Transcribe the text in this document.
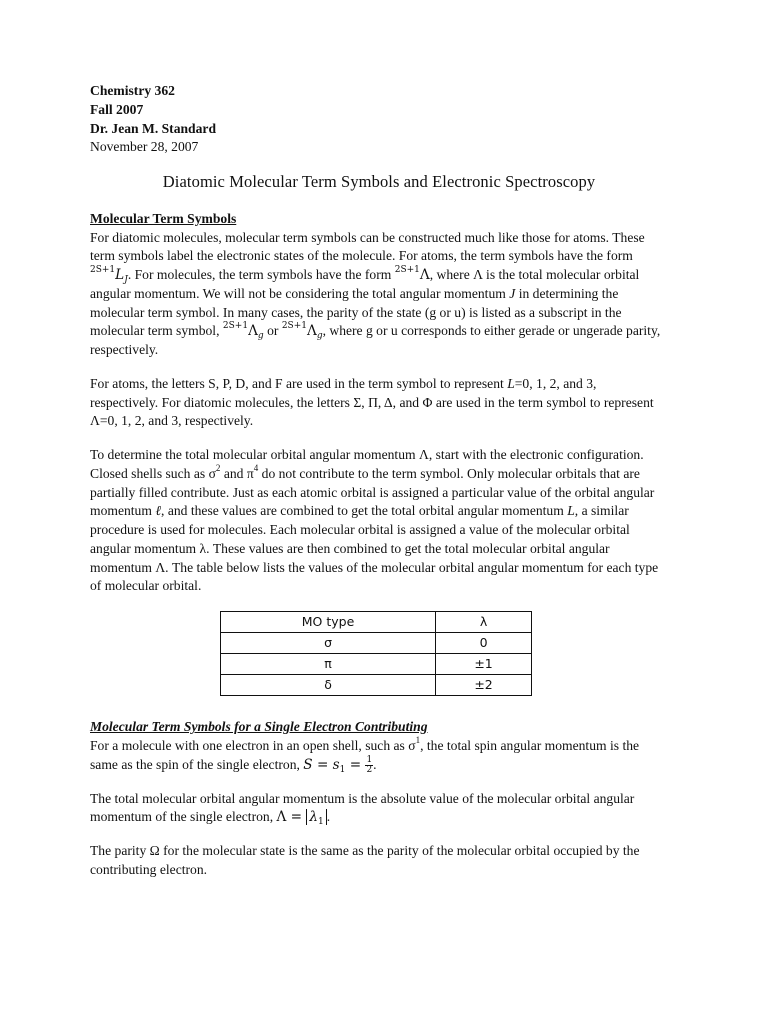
Chemistry 362
Fall 2007
Dr. Jean M. Standard
November 28, 2007
Diatomic Molecular Term Symbols and Electronic Spectroscopy
Molecular Term Symbols

For diatomic molecules, molecular term symbols can be constructed much like those for atoms. These term symbols label the electronic states of the molecule. For atoms, the term symbols have the form $^{2S+1}L_J$. For molecules, the term symbols have the form $^{2S+1}$Λ, where Λ is the total molecular orbital angular momentum. We will not be considering the total angular momentum J in determining the molecular term symbol. In many cases, the parity of the state (g or u) is listed as a subscript in the molecular term symbol, $^{2S+1}\Lambda_g$ or $^{2S+1}\Lambda_g$, where g or u corresponds to either gerade or ungerade parity, respectively.

For atoms, the letters S, P, D, and F are used in the term symbol to represent L=0, 1, 2, and 3, respectively. For diatomic molecules, the letters Σ, Π, Δ, and Φ are used in the term symbol to represent Λ=0, 1, 2, and 3, respectively.

To determine the total molecular orbital angular momentum Λ, start with the electronic configuration. Closed shells such as $\sigma^2$ and $\pi^4$ do not contribute to the term symbol. Only molecular orbitals that are partially filled contribute. Just as each atomic orbital is assigned a particular value of the orbital angular momentum ℓ, and these values are combined to get the total orbital angular momentum L, a similar procedure is used for molecules. Each molecular orbital is assigned a value of the molecular orbital angular momentum λ. These values are then combined to get the total molecular orbital angular momentum Λ. The table below lists the values of the molecular orbital angular momentum for each type of molecular orbital.

MO type	λ
σ	0
π	±1
δ	±2
Molecular Term Symbols for a Single Electron Contributing

For a molecule with one electron in an open shell, such as $\sigma^1$, the total spin angular momentum is the same as the spin of the single electron, $S = s_1 = \frac{1}{2}$ .

The total molecular orbital angular momentum is the absolute value of the molecular orbital angular momentum of the single electron, $\Lambda = \lambda_1$ .

The parity Ω for the molecular state is the same as the parity of the molecular orbital occupied by the contributing electron.
